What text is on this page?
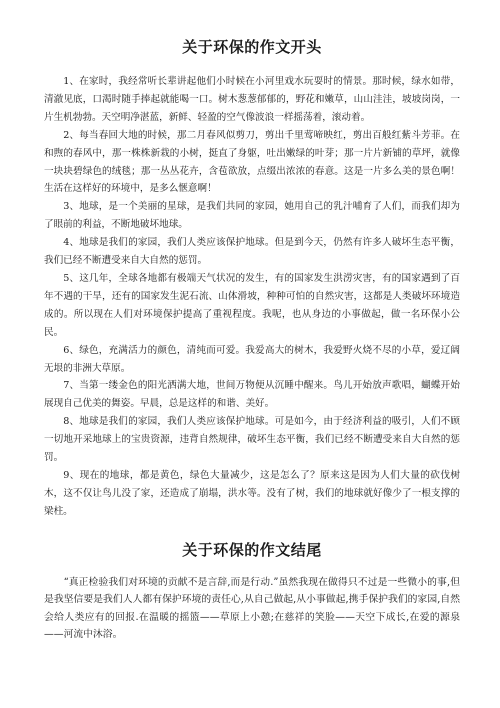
关于环保的作文开头

1、在家时，我经常听长辈讲起他们小时候在小河里戏水玩耍时的情景。那时候，绿水如带，清澈见底，口渴时随手捧起就能喝一口。树木葱葱郁郁的，野花和嫩草，山山洼洼，坡坡岗岗，一片生机勃勃。天空明净湛蓝，新鲜、轻盈的空气像波浪一样摇荡着，滚动着。

2、每当春回大地的时候，那二月春风似剪刀，剪出千里莺啼映红，剪出百般红紫斗芳菲。在和煦的春风中，那一株株新栽的小树，挺直了身躯，吐出嫩绿的叶芽；那一片片新铺的草坪，就像一块块碧绿色的绒毯；那一丛丛花卉，含苞欲放，点缀出浓浓的春意。这是一片多么美的景色啊！生活在这样好的环境中，是多么惬意啊！

3、地球，是一个美丽的星球，是我们共同的家园，她用自己的乳汁哺育了人们，而我们却为了眼前的利益，不断地破坏地球。

4、地球是我们的家园，我们人类应该保护地球。但是到今天，仍然有许多人破坏生态平衡，我们已经不断遭受来自大自然的惩罚。

5、这几年，全球各地都有极端天气状况的发生，有的国家发生洪涝灾害，有的国家遇到了百年不遇的干旱，还有的国家发生泥石流、山体滑坡，种种可怕的自然灾害，这都是人类破坏环境造成的。所以现在人们对环境保护提高了重视程度。我呢，也从身边的小事做起，做一名环保小公民。

6、绿色，充满活力的颜色，清纯而可爱。我爱高大的树木，我爱野火烧不尽的小草，爱辽阔无垠的非洲大草原。

7、当第一缕金色的阳光洒满大地，世间万物便从沉睡中醒来。鸟儿开始放声歌唱，蝴蝶开始展现自己优美的舞姿。早晨，总是这样的和谐、美好。

8、地球是我们的家园，我们人类应该保护地球。可是如今，由于经济利益的吸引，人们不顾一切地开采地球上的宝贵资源，违背自然规律，破坏生态平衡，我们已经不断遭受来自大自然的惩罚。

9、现在的地球，都是黄色，绿色大量减少，这是怎么了？原来这是因为人们大量的砍伐树木，这不仅让鸟儿没了家，还造成了崩塌，洪水等。没有了树，我们的地球就好像少了一根支撑的梁柱。

关于环保的作文结尾

“真正检验我们对环境的贡献不是言辞,而是行动.”虽然我现在做得只不过是一些微小的事,但是我坚信要是我们人人都有保护环境的责任心,从自己做起,从小事做起,携手保护我们的家园,自然会给人类应有的回报.在温暖的摇篮——草原上小憩;在慈祥的笑脸——天空下成长,在爱的源泉——河流中沐浴。
